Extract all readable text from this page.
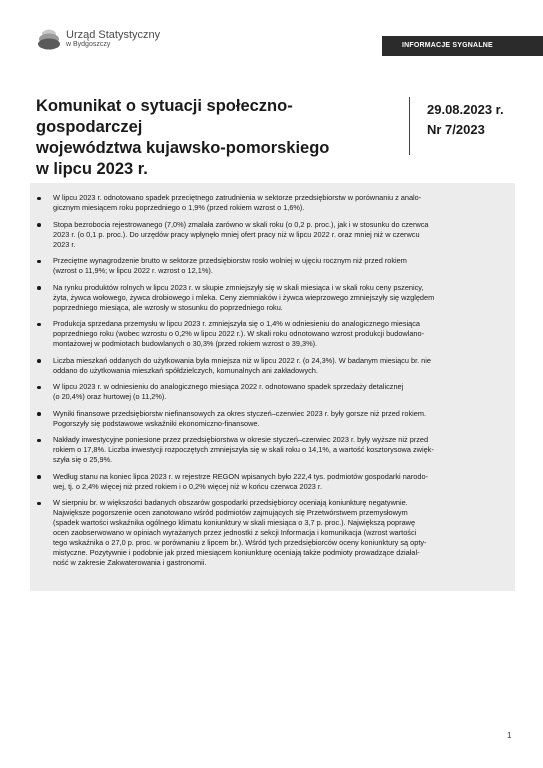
Urząd Statystyczny
w Bydgoszczy	INFORMACJE SYGNALNE
Komunikat o sytuacji społeczno-gospodarczej
województwa kujawsko-pomorskiego
w lipcu 2023 r.
29.08.2023 r.
Nr 7/2023
W lipcu 2023 r. odnotowano spadek przeciętnego zatrudnienia w sektorze przedsiębiorstw w porównaniu z analo-
gicznym miesiącem roku poprzedniego o 1,9% (przed rokiem wzrost o 1,6%).
Stopa bezrobocia rejestrowanego (7,0%) zmalała zarówno w skali roku (o 0,2 p. proc.), jak i w stosunku do czerwca
2023 r. (o 0,1 p. proc.). Do urzędów pracy wpłynęło mniej ofert pracy niż w lipcu 2022 r. oraz mniej niż w czerwcu
2023 r.
Przeciętne wynagrodzenie brutto w sektorze przedsiębiorstw rosło wolniej w ujęciu rocznym niż przed rokiem
(wzrost o 11,9%; w lipcu 2022 r. wzrost o 12,1%).
Na rynku produktów rolnych w lipcu 2023 r. w skupie zmniejszyły się w skali miesiąca i w skali roku ceny pszenicy,
żyta, żywca wołowego, żywca drobiowego i mleka. Ceny ziemniaków i żywca wieprzowego zmniejszyły się względem
poprzedniego miesiąca, ale wzrosły w stosunku do poprzedniego roku.
Produkcja sprzedana przemysłu w lipcu 2023 r. zmniejszyła się o 1,4% w odniesieniu do analogicznego miesiąca
poprzedniego roku (wobec wzrostu o 0,2% w lipcu 2022 r.). W skali roku odnotowano wzrost produkcji budowlano-
montażowej w podmiotach budowlanych o 30,3% (przed rokiem wzrost o 39,3%).
Liczba mieszkań oddanych do użytkowania była mniejsza niż w lipcu 2022 r. (o 24,3%). W badanym miesiącu br. nie
oddano do użytkowania mieszkań spółdzielczych, komunalnych ani zakładowych.
W lipcu 2023 r. w odniesieniu do analogicznego miesiąca 2022 r. odnotowano spadek sprzedaży detalicznej
(o 20,4%) oraz hurtowej (o 11,2%).
Wyniki finansowe przedsiębiorstw niefinansowych za okres styczeń–czerwiec 2023 r. były gorsze niż przed rokiem.
Pogorszyły się podstawowe wskaźniki ekonomiczno-finansowe.
Nakłady inwestycyjne poniesione przez przedsiębiorstwa w okresie styczeń–czerwiec 2023 r. były wyższe niż przed
rokiem o 17,8%. Liczba inwestycji rozpoczętych zmniejszyła się w skali roku o 14,1%, a wartość kosztorysowa zwięk-
szyła się o 25,9%.
Według stanu na koniec lipca 2023 r. w rejestrze REGON wpisanych było 222,4 tys. podmiotów gospodarki narodo-
wej, tj. o 2,4% więcej niż przed rokiem i o 0,2% więcej niż w końcu czerwca 2023 r.
W sierpniu br. w większości badanych obszarów gospodarki przedsiębiorcy oceniają koniunkturę negatywnie.
Największe pogorszenie ocen zanotowano wśród podmiotów zajmujących się Przetwórstwem przemysłowym
(spadek wartości wskaźnika ogólnego klimatu koniunktury w skali miesiąca o 3,7 p. proc.). Największą poprawę
ocen zaobserwowano w opiniach wyrażanych przez jednostki z sekcji Informacja i komunikacja (wzrost wartości
tego wskaźnika o 27,0 p. proc. w porównaniu z lipcem br.). Wśród tych przedsiębiorców oceny koniunktury są opty-
mistyczne. Pozytywnie i podobnie jak przed miesiącem koniunkturę oceniają także podmioty prowadzące działal-
ność w zakresie Zakwaterowania i gastronomii.
1
